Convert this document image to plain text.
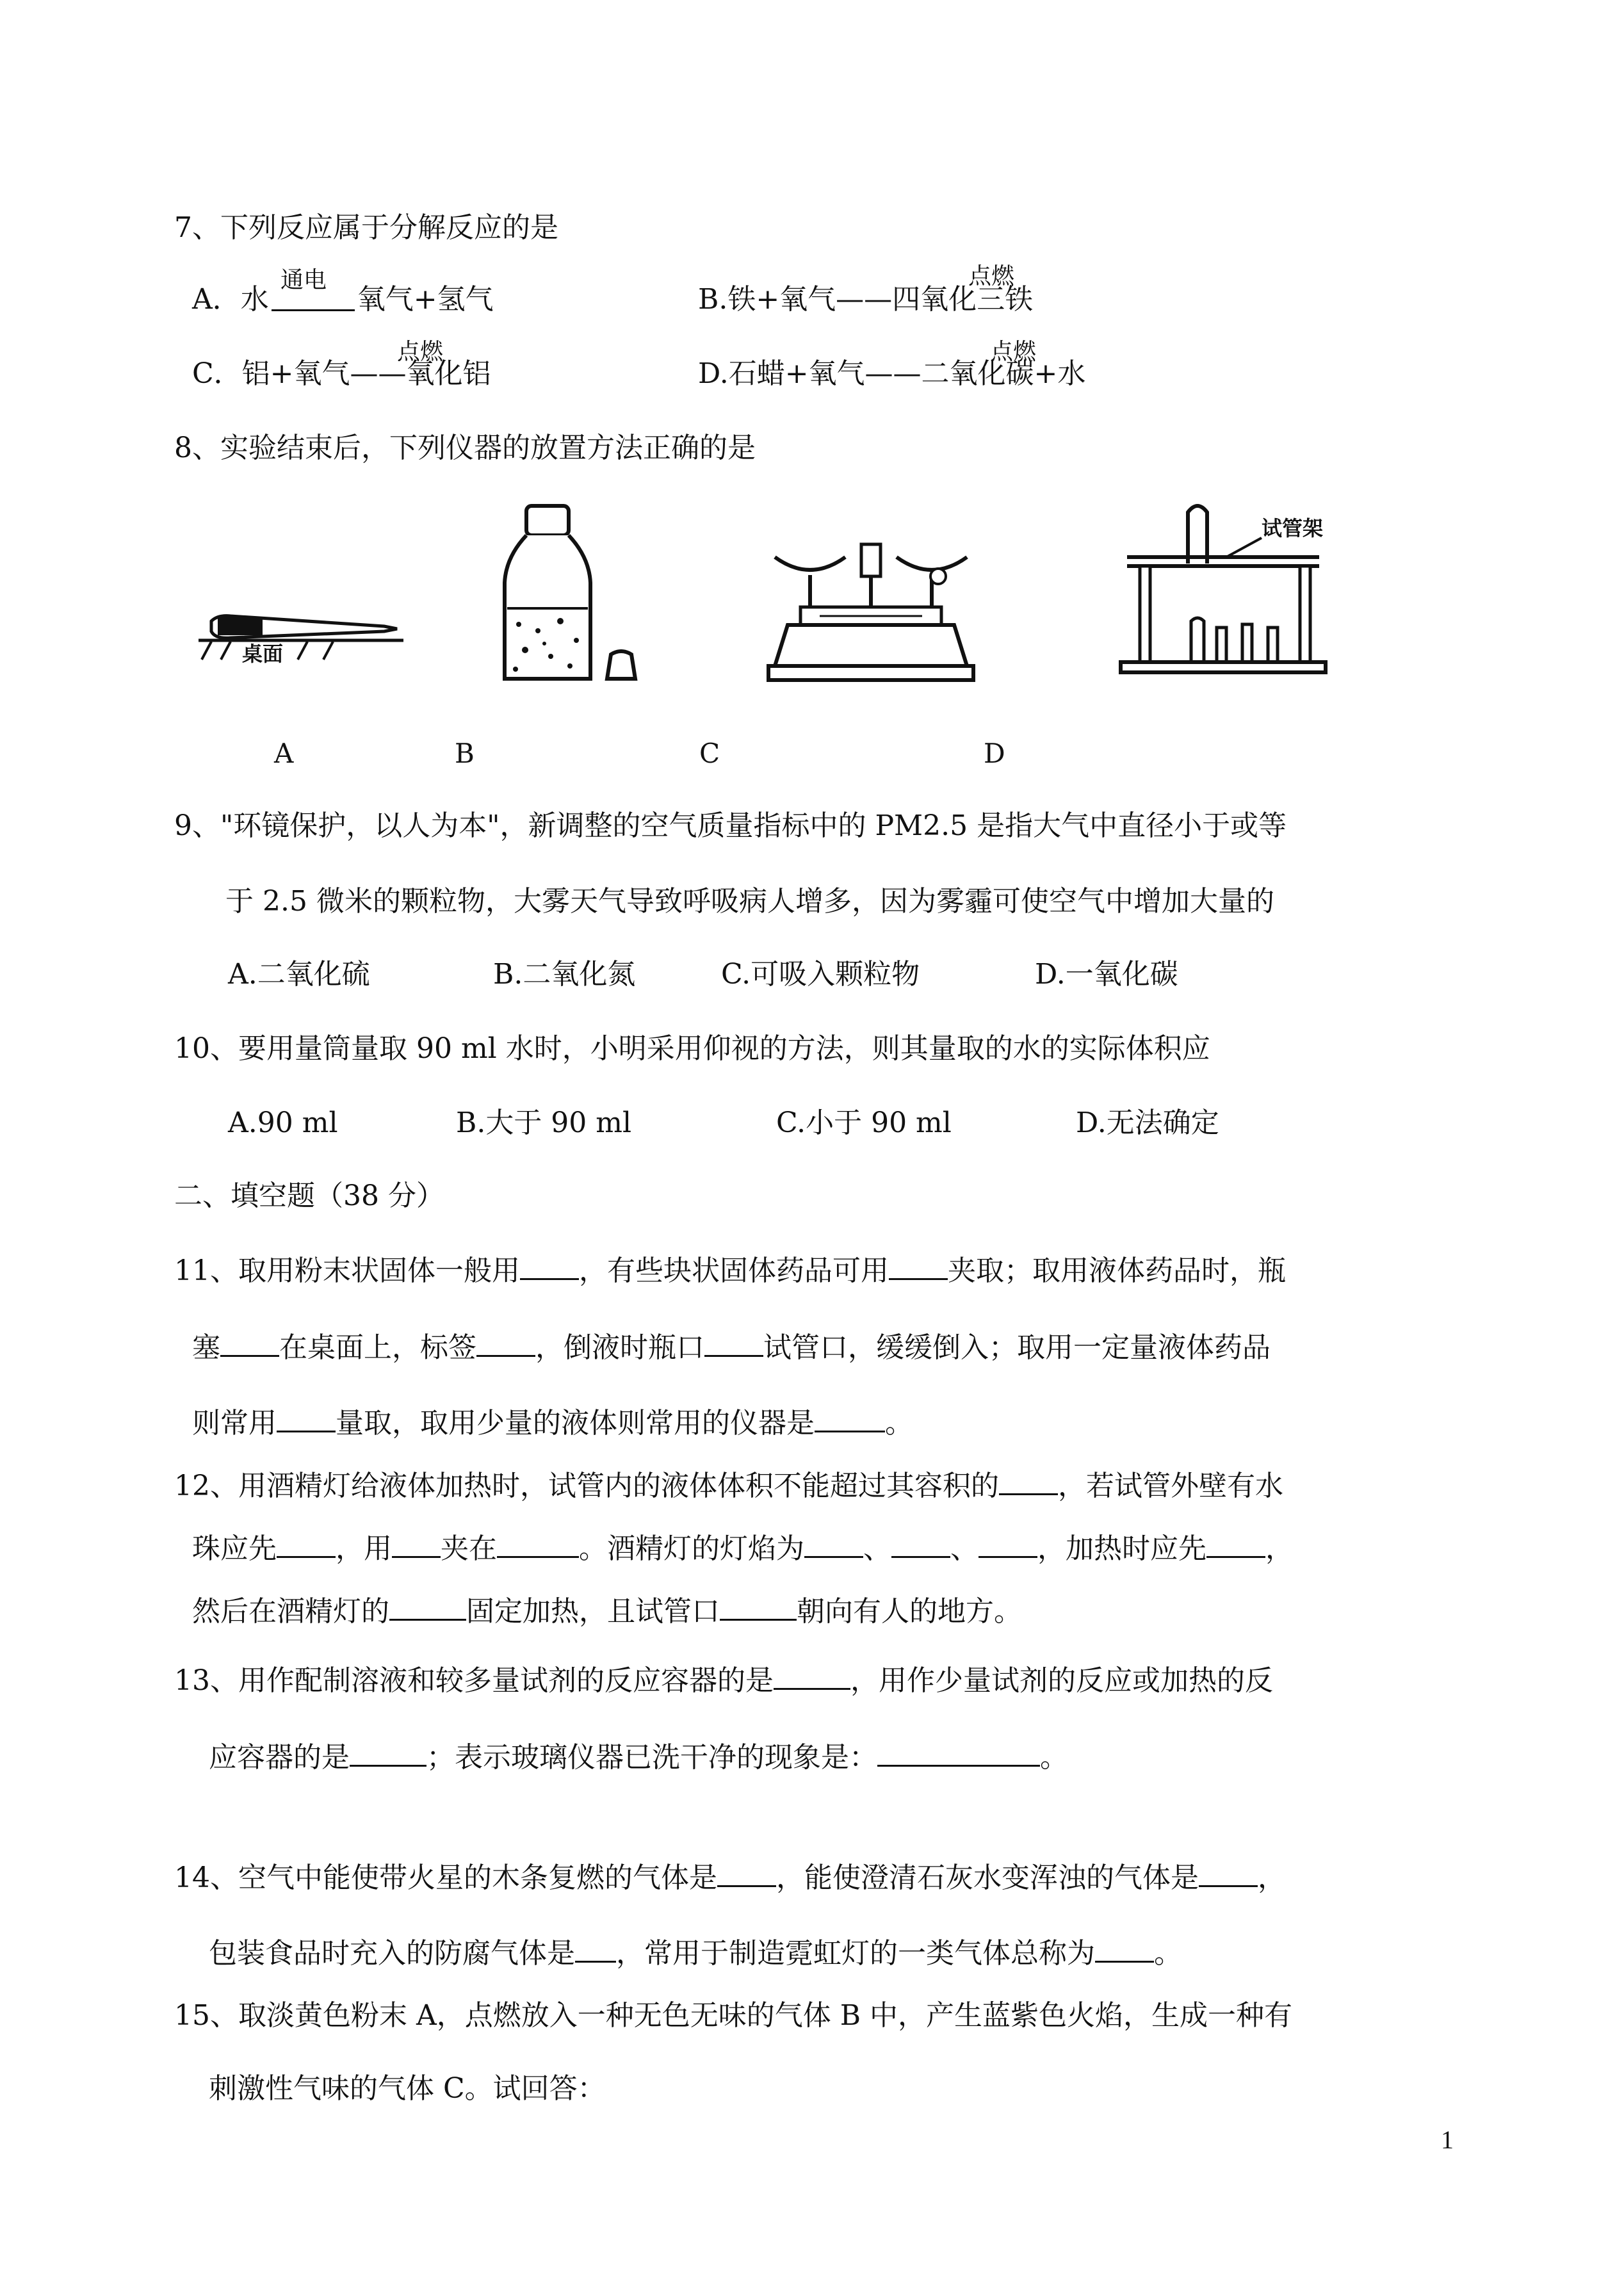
7、下列反应属于分解反应的是
A．水	氧气+氢气
通电
B.铁+氧气——四氧化三铁
点燃
C．铝+氧气——氧化铝
点燃
D.石蜡+氧气——二氧化碳+水
点燃
8、实验结束后，下列仪器的放置方法正确的是
桌面
试管架
A	B	C	D
9、"环镜保护，以人为本"，新调整的空气质量指标中的 PM2.5 是指大气中直径小于或等
于 2.5 微米的颗粒物，大雾天气导致呼吸病人增多，因为雾霾可使空气中增加大量的
A.二氧化硫	B.二氧化氮	C.可吸入颗粒物	D.一氧化碳
10、要用量筒量取 90 ml 水时，小明采用仰视的方法，则其量取的水的实际体积应
A.90 ml	B.大于 90 ml	C.小于 90 ml	D.无法确定
二、填空题（38 分）
11、取用粉末状固体一般用 ，有些块状固体药品可用 夹取；取用液体药品时，瓶
塞 在桌面上，标签 ，倒液时瓶口 试管口，缓缓倒入；取用一定量液体药品
则常用 量取，取用少量的液体则常用的仪器是	。
12、用酒精灯给液体加热时，试管内的液体体积不能超过其容积的 ，若试管外壁有水
珠应先 ，用 夹在	。酒精灯的灯焰为 、 、 ，加热时应先 ，
然后在酒精灯的	固定加热，且试管口	朝向有人的地方。
13、用作配制溶液和较多量试剂的反应容器的是	，用作少量试剂的反应或加热的反
应容器的是	；表示玻璃仪器已洗干净的现象是：	。
14、空气中能使带火星的木条复燃的气体是 ，能使澄清石灰水变浑浊的气体是 ，
包装食品时充入的防腐气体是 ，常用于制造霓虹灯的一类气体总称为 。
15、取淡黄色粉末 A，点燃放入一种无色无味的气体 B 中，产生蓝紫色火焰，生成一种有
刺激性气味的气体 C。试回答：
1
